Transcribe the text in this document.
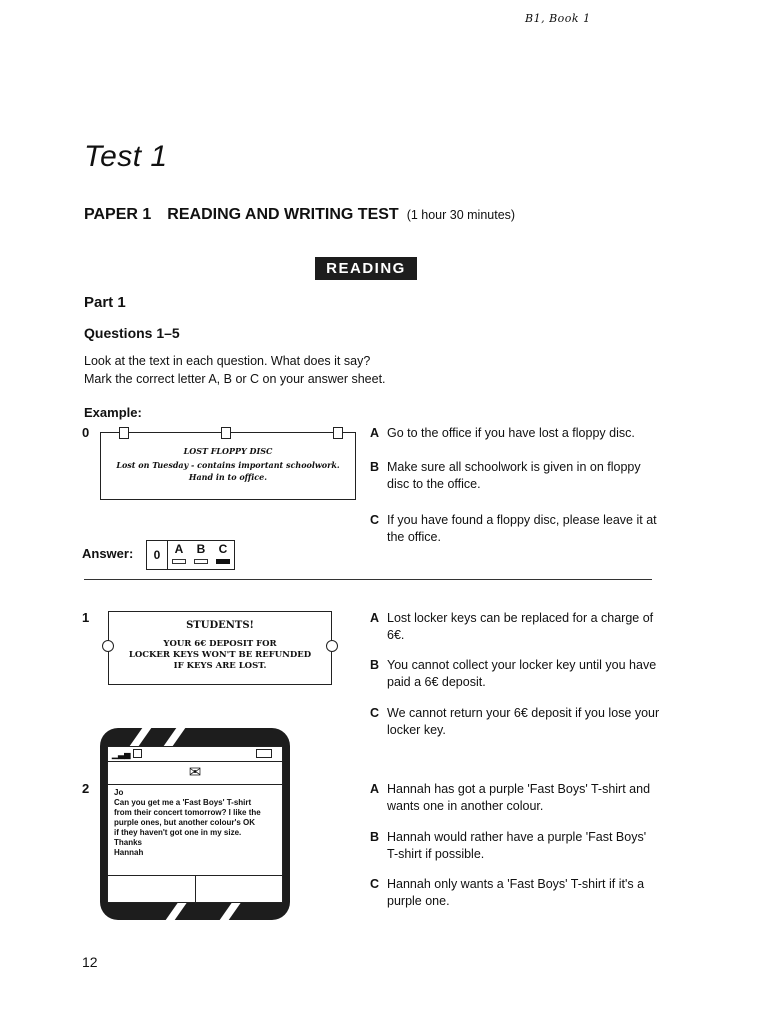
B1, Book 1
Test 1
PAPER 1 READING AND WRITING TEST (1 hour 30 minutes)
READING
Part 1
Questions 1–5
Look at the text in each question. What does it say?
Mark the correct letter A, B or C on your answer sheet.
Example:
0
LOST FLOPPY DISC
Lost on Tuesday - contains important schoolwork.
Hand in to office.
A Go to the office if you have lost a floppy disc.
B Make sure all schoolwork is given in on floppy disc to the office.
C If you have found a floppy disc, please leave it at the office.
Answer:	0	A B C
1
STUDENTS!
YOUR 6€ DEPOSIT FOR
LOCKER KEYS WON'T BE REFUNDED
IF KEYS ARE LOST.
A Lost locker keys can be replaced for a charge of 6€.
B You cannot collect your locker key until you have paid a 6€ deposit.
C We cannot return your 6€ deposit if you lose your locker key.
2
▁▃▅
✉
Jo
Can you get me a 'Fast Boys' T-shirt
from their concert tomorrow? I like the
purple ones, but another colour's OK
if they haven't got one in my size.
Thanks
Hannah
A Hannah has got a purple 'Fast Boys' T-shirt and wants one in another colour.
B Hannah would rather have a purple 'Fast Boys' T-shirt if possible.
C Hannah only wants a 'Fast Boys' T-shirt if it's a purple one.
12
